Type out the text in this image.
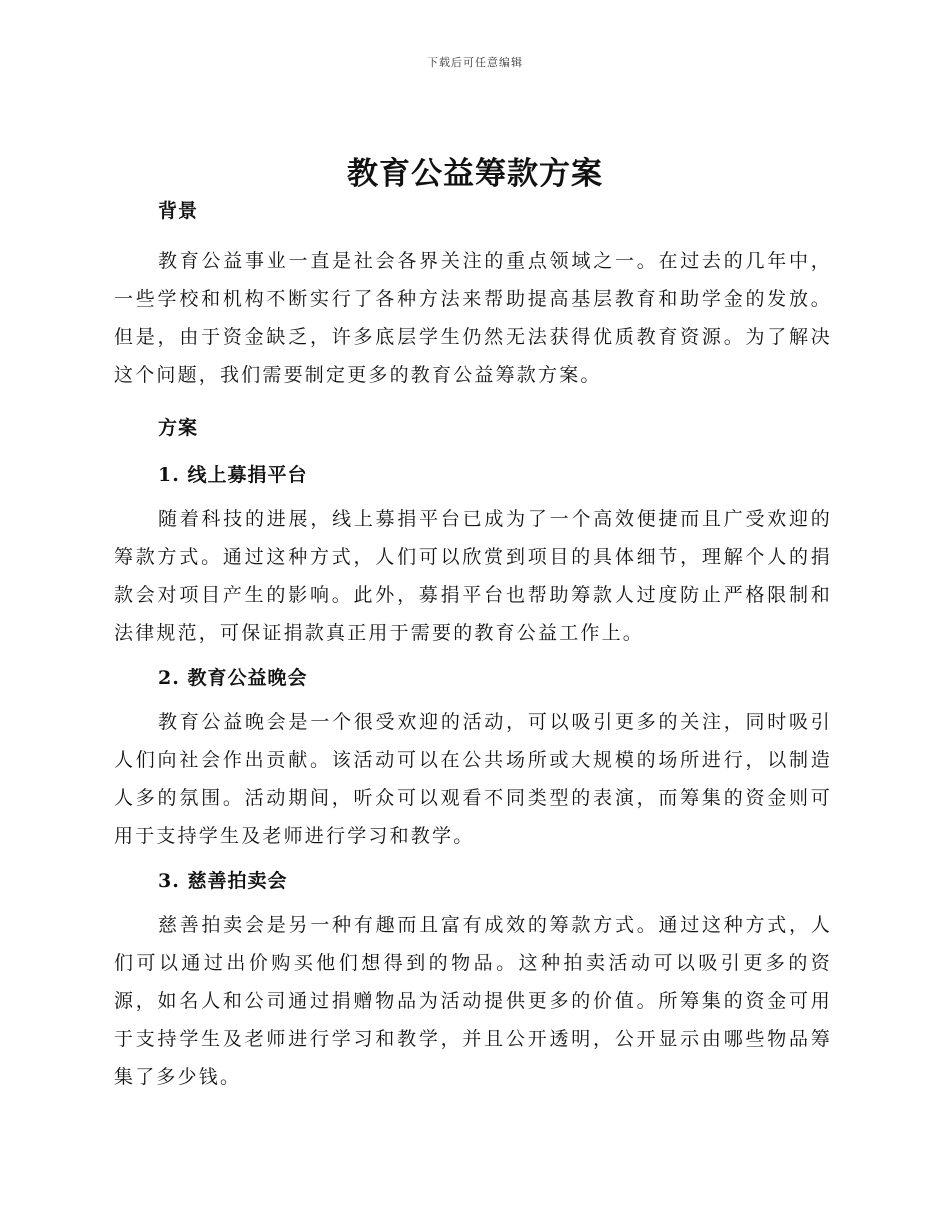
下载后可任意编辑
教育公益筹款方案

背景

教育公益事业一直是社会各界关注的重点领域之一。在过去的几年中，一些学校和机构不断实行了各种方法来帮助提高基层教育和助学金的发放。但是，由于资金缺乏，许多底层学生仍然无法获得优质教育资源。为了解决这个问题，我们需要制定更多的教育公益筹款方案。

方案

1. 线上募捐平台

随着科技的进展，线上募捐平台已成为了一个高效便捷而且广受欢迎的筹款方式。通过这种方式，人们可以欣赏到项目的具体细节，理解个人的捐款会对项目产生的影响。此外，募捐平台也帮助筹款人过度防止严格限制和法律规范，可保证捐款真正用于需要的教育公益工作上。

2. 教育公益晚会

教育公益晚会是一个很受欢迎的活动，可以吸引更多的关注，同时吸引人们向社会作出贡献。该活动可以在公共场所或大规模的场所进行，以制造人多的氛围。活动期间，听众可以观看不同类型的表演，而筹集的资金则可用于支持学生及老师进行学习和教学。

3. 慈善拍卖会

慈善拍卖会是另一种有趣而且富有成效的筹款方式。通过这种方式，人们可以通过出价购买他们想得到的物品。这种拍卖活动可以吸引更多的资源，如名人和公司通过捐赠物品为活动提供更多的价值。所筹集的资金可用于支持学生及老师进行学习和教学，并且公开透明，公开显示由哪些物品筹集了多少钱。
